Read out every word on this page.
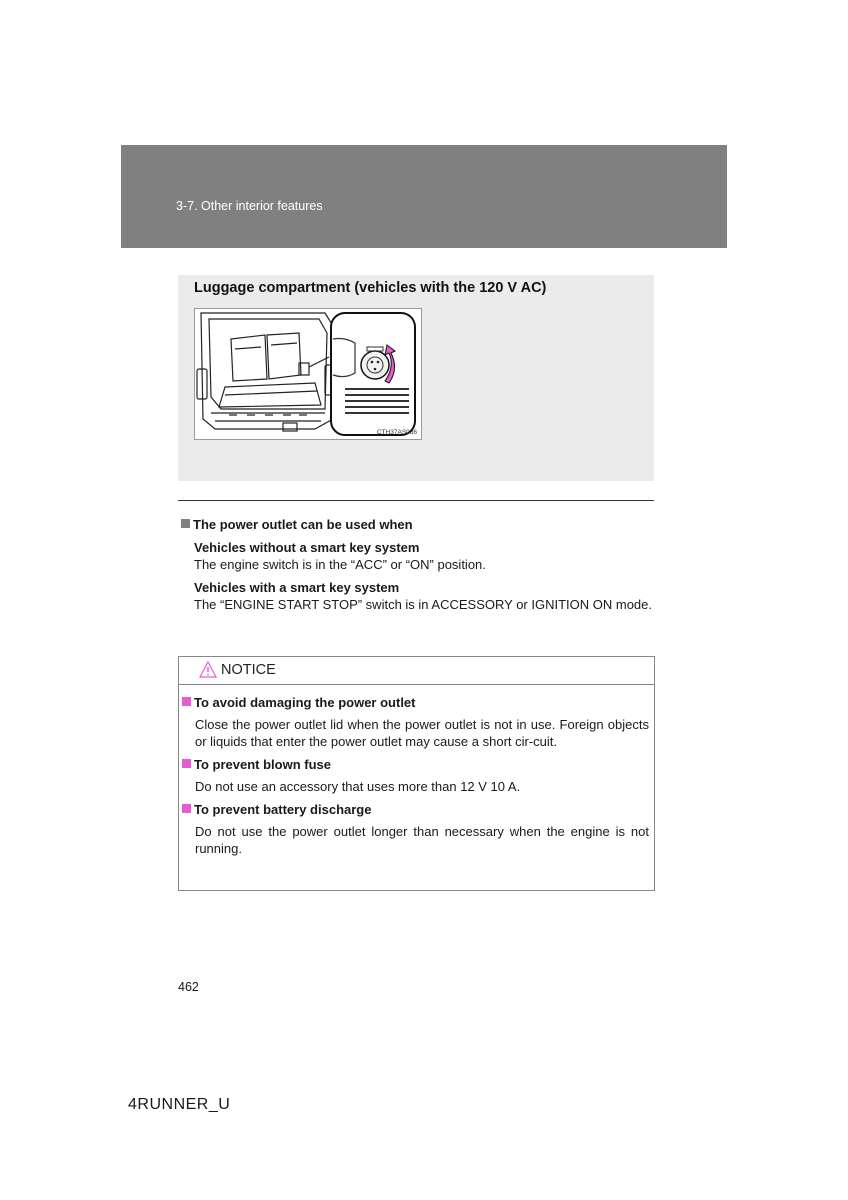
3-7. Other interior features
Luggage compartment (vehicles with the 120 V AC)
CTH37AS086
The power outlet can be used when
Vehicles without a smart key system
The engine switch is in the “ACC” or “ON” position.
Vehicles with a smart key system
The “ENGINE START STOP” switch is in ACCESSORY or IGNITION ON mode.
NOTICE
To avoid damaging the power outlet
Close the power outlet lid when the power outlet is not in use. Foreign objects or liquids that enter the power outlet may cause a short cir-cuit.
To prevent blown fuse
Do not use an accessory that uses more than 12 V 10 A.
To prevent battery discharge
Do not use the power outlet longer than necessary when the engine is not running.
462
4RUNNER_U
